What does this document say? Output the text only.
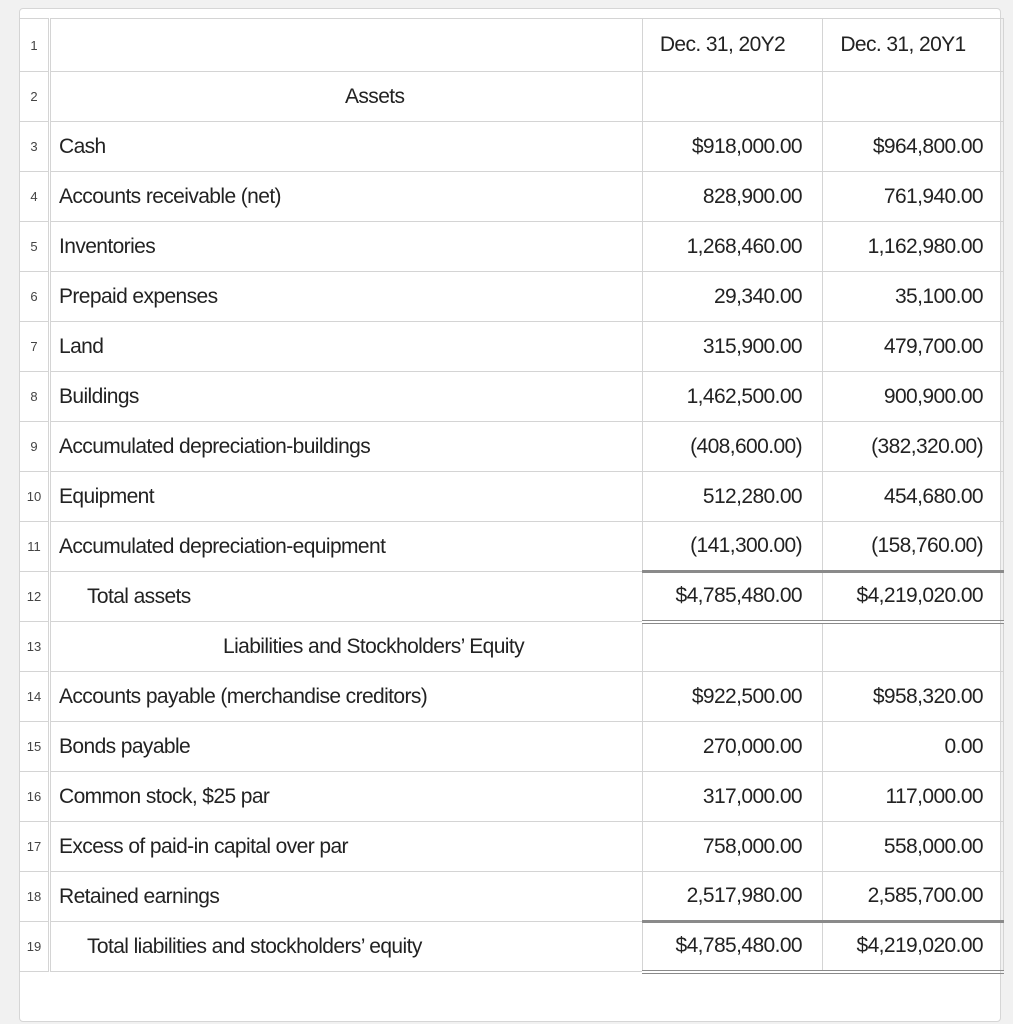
1		Dec. 31, 20Y2	Dec. 31, 20Y1
2	Assets		
3	Cash	$918,000.00	$964,800.00
4	Accounts receivable (net)	828,900.00	761,940.00
5	Inventories	1,268,460.00	1,162,980.00
6	Prepaid expenses	29,340.00	35,100.00
7	Land	315,900.00	479,700.00
8	Buildings	1,462,500.00	900,900.00
9	Accumulated depreciation-buildings	(408,600.00)	(382,320.00)
10	Equipment	512,280.00	454,680.00
11	Accumulated depreciation-equipment	(141,300.00)	(158,760.00)
12	Total assets	$4,785,480.00	$4,219,020.00
13	Liabilities and Stockholders’ Equity		
14	Accounts payable (merchandise creditors)	$922,500.00	$958,320.00
15	Bonds payable	270,000.00	0.00
16	Common stock, $25 par	317,000.00	117,000.00
17	Excess of paid-in capital over par	758,000.00	558,000.00
18	Retained earnings	2,517,980.00	2,585,700.00
19	Total liabilities and stockholders’ equity	$4,785,480.00	$4,219,020.00
